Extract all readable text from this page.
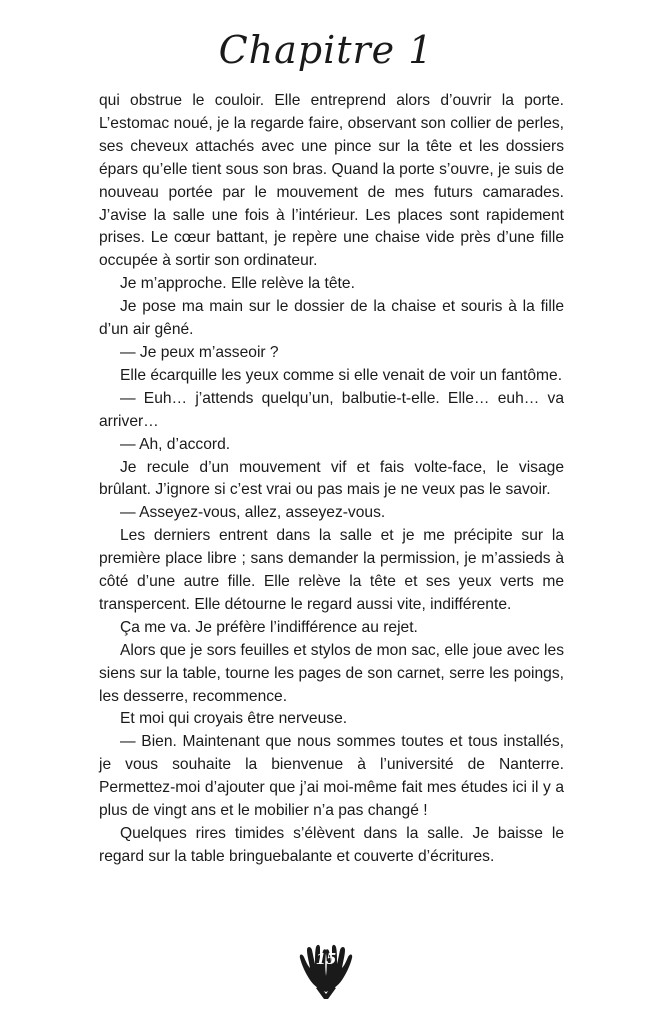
Chapitre 1

qui obstrue le couloir. Elle entreprend alors d’ouvrir la porte. L’estomac noué, je la regarde faire, observant son collier de perles, ses cheveux attachés avec une pince sur la tête et les dossiers épars qu’elle tient sous son bras. Quand la porte s’ouvre, je suis de nouveau portée par le mouvement de mes futurs camarades. J’avise la salle une fois à l’intérieur. Les places sont rapidement prises. Le cœur battant, je repère une chaise vide près d’une fille occupée à sortir son ordinateur.

Je m’approche. Elle relève la tête.

Je pose ma main sur le dossier de la chaise et souris à la fille d’un air gêné.

— Je peux m’asseoir ?

Elle écarquille les yeux comme si elle venait de voir un fantôme.

— Euh… j’attends quelqu’un, balbutie-t-elle. Elle… euh… va arriver…

— Ah, d’accord.

Je recule d’un mouvement vif et fais volte-face, le visage brûlant. J’ignore si c’est vrai ou pas mais je ne veux pas le savoir.

— Asseyez-vous, allez, asseyez-vous.

Les derniers entrent dans la salle et je me précipite sur la première place libre ; sans demander la permission, je m’assieds à côté d’une autre fille. Elle relève la tête et ses yeux verts me transpercent. Elle détourne le regard aussi vite, indifférente.

Ça me va. Je préfère l’indifférence au rejet.

Alors que je sors feuilles et stylos de mon sac, elle joue avec les siens sur la table, tourne les pages de son carnet, serre les poings, les desserre, recommence.

Et moi qui croyais être nerveuse.

— Bien. Maintenant que nous sommes toutes et tous installés, je vous souhaite la bienvenue à l’université de Nanterre. Permettez-moi d’ajouter que j’ai moi-même fait mes études ici il y a plus de vingt ans et le mobilier n’a pas changé !

Quelques rires timides s’élèvent dans la salle. Je baisse le regard sur la table bringuebalante et couverte d’écritures.

15
